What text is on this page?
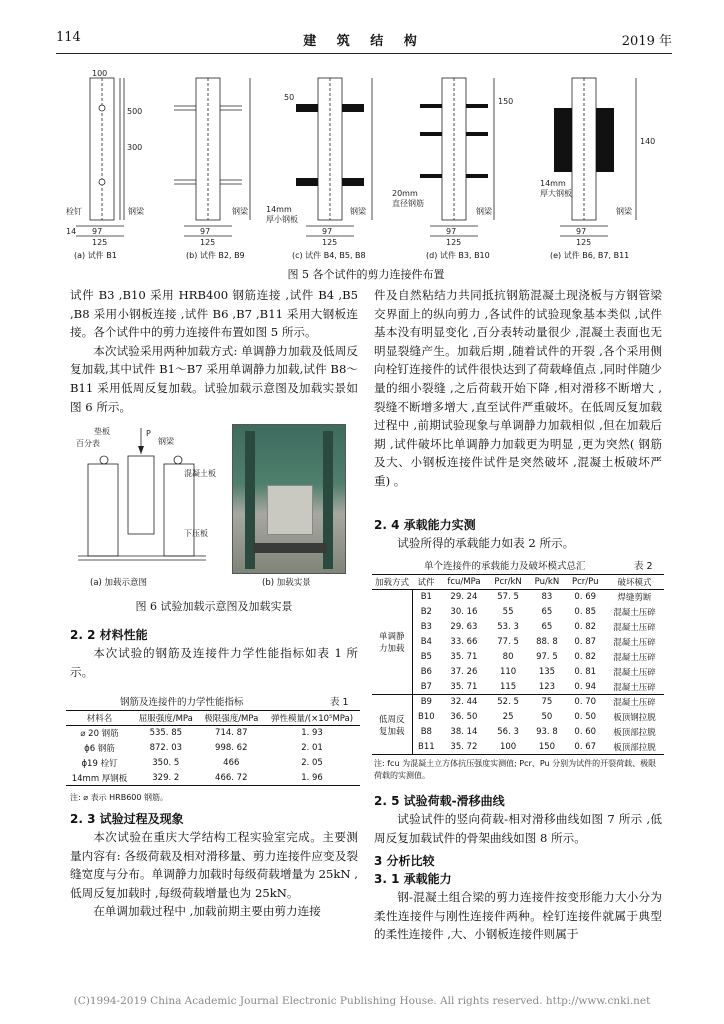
114	建 筑 结 构	2019 年
100
300
500
栓钉	钢梁
14 97
125
钢梁
97
125
50
14mm
厚小钢板
钢梁
97
125
150
20mm
直径钢筋
钢梁
97
125
14mm
厚大钢板
钢梁
140
97
125
(a) 试件 B1	(b) 试件 B2, B9	(c) 试件 B4, B5, B8	(d) 试件 B3, B10	(e) 试件 B6, B7, B11
图 5 各个试件的剪力连接件布置

试件 B3 ,B10 采用 HRB400 钢筋连接 ,试件 B4 ,B5 ,B8 采用小钢板连接 ,试件 B6 ,B7 ,B11 采用大钢板连接。各个试件中的剪力连接件布置如图 5 所示。

本次试验采用两种加载方式: 单调静力加载及低周反复加载,其中试件 B1～B7 采用单调静力加载,试件 B8～B11 采用低周反复加载。试验加载示意图及加载实景如图 6 所示。

垫板
百分表
P
钢梁
混凝土板
下压板
(a) 加载示意图	(b) 加载实景
图 6 试验加载示意图及加载实景
2. 2 材料性能

本次试验的钢筋及连接件力学性能指标如表 1 所示。

钢筋及连接件的力学性能指标	表 1
材料名	屈服强度/MPa	极限强度/MPa	弹性模量/(×10⁵MPa)
⌀ 20 钢筋	535. 85	714. 87	1. 93
ϕ6 钢筋	872. 03	998. 62	2. 01
ϕ19 栓钉	350. 5	466	2. 05
14mm 厚钢板	329. 2	466. 72	1. 96
注: ⌀ 表示 HRB600 钢筋。
2. 3 试验过程及现象

本次试验在重庆大学结构工程实验室完成。主要测量内容有: 各级荷载及相对滑移量、剪力连接件应变及裂缝宽度与分布。单调静力加载时每级荷载增量为 25kN ,低周反复加载时 ,每级荷载增量也为 25kN。

在单调加载过程中 ,加载前期主要由剪力连接

件及自然粘结力共同抵抗钢筋混凝土现浇板与方钢管梁交界面上的纵向剪力 ,各试件的试验现象基本类似 ,试件基本没有明显变化 ,百分表转动量很少 ,混凝土表面也无明显裂缝产生。加载后期 ,随着试件的开裂 ,各个采用侧向栓钉连接件的试件很快达到了荷载峰值点 ,同时伴随少量的细小裂缝 ,之后荷载开始下降 ,相对滑移不断增大 ,裂缝不断增多增大 ,直至试件严重破坏。在低周反复加载过程中 ,前期试验现象与单调静力加载相似 ,但在加载后期 ,试件破坏比单调静力加载更为明显 ,更为突然( 钢筋及大、小钢板连接件试件是突然破坏 ,混凝土板破坏严重) 。

2. 4 承载能力实测

试验所得的承载能力如表 2 所示。

单个连接件的承载能力及破坏模式总汇	表 2
加载方式	试件	fcu/MPa	Pcr/kN	Pu/kN	Pcr/Pu	破坏模式
单调静力加载	B1	29. 24	57. 5	83	0. 69	焊缝剪断
	B2	30. 16	55	65	0. 85	混凝土压碎
	B3	29. 63	53. 3	65	0. 82	混凝土压碎
	B4	33. 66	77. 5	88. 8	0. 87	混凝土压碎
	B5	35. 71	80	97. 5	0. 82	混凝土压碎
	B6	37. 26	110	135	0. 81	混凝土压碎
	B7	35. 71	115	123	0. 94	混凝土压碎
低周反复加载	B9	32. 44	52. 5	75	0. 70	混凝土压碎
	B10	36. 50	25	50	0. 50	板顶钢拉脱
	B8	38. 14	56. 3	93. 8	0. 60	板顶部拉脱
	B11	35. 72	100	150	0. 67	板顶部拉脱
注: fcu 为混凝土立方体抗压强度实测值; Pcr、Pu 分别为试件的开裂荷载、极限荷载的实测值。
2. 5 试验荷载-滑移曲线

试验试件的竖向荷载-相对滑移曲线如图 7 所示 ,低周反复加载试件的骨架曲线如图 8 所示。

3 分析比较
3. 1 承载能力

钢-混凝土组合梁的剪力连接件按变形能力大小分为柔性连接件与刚性连接件两种。栓钉连接件就属于典型的柔性连接件 ,大、小钢板连接件则属于

(C)1994-2019 China Academic Journal Electronic Publishing House. All rights reserved. http://www.cnki.net
